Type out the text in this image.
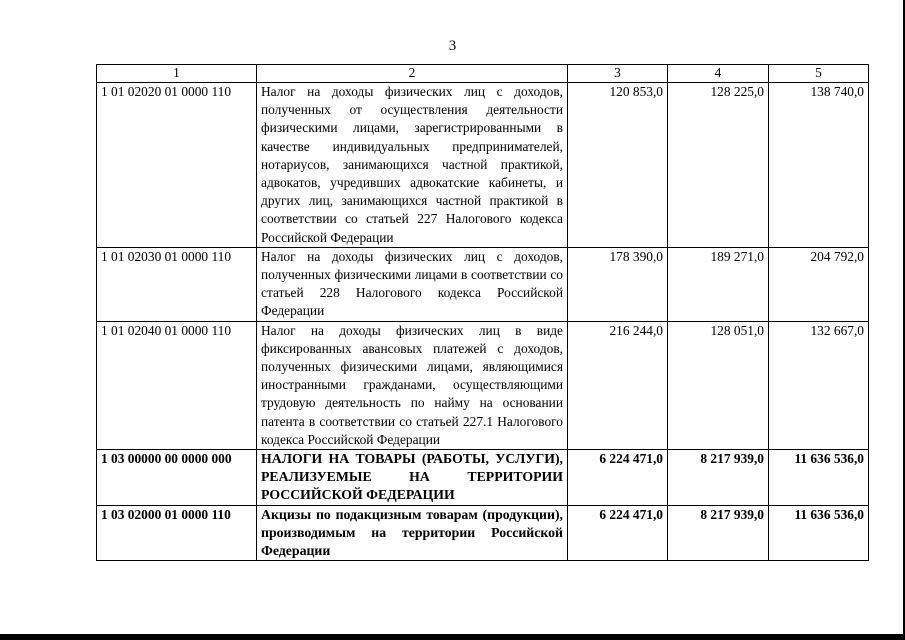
3
1	2	3	4	5
1 01 02020 01 0000 110	Налог на доходы физических лиц с доходов, полученных от осуществления деятельности физическими лицами, зарегистрированными в качестве индивидуальных предпринимателей, нотариусов, занимающихся частной практикой, адвокатов, учредивших адвокатские кабинеты, и других лиц, занимающихся частной практикой в соответствии со статьей 227 Налогового кодекса Российской Федерации	120 853,0	128 225,0	138 740,0
1 01 02030 01 0000 110	Налог на доходы физических лиц с доходов, полученных физическими лицами в соответствии со статьей 228 Налогового кодекса Российской Федерации	178 390,0	189 271,0	204 792,0
1 01 02040 01 0000 110	Налог на доходы физических лиц в виде фиксированных авансовых платежей с доходов, полученных физическими лицами, являющимися иностранными гражданами, осуществляющими трудовую деятельность по найму на основании патента в соответствии со статьей 227.1 Налогового кодекса Российской Федерации	216 244,0	128 051,0	132 667,0
1 03 00000 00 0000 000	НАЛОГИ НА ТОВАРЫ (РАБОТЫ, УСЛУГИ), РЕАЛИЗУЕМЫЕ НА ТЕРРИТОРИИ РОССИЙСКОЙ ФЕДЕРАЦИИ	6 224 471,0	8 217 939,0	11 636 536,0
1 03 02000 01 0000 110	Акцизы по подакцизным товарам (продукции), производимым на территории Российской Федерации	6 224 471,0	8 217 939,0	11 636 536,0
